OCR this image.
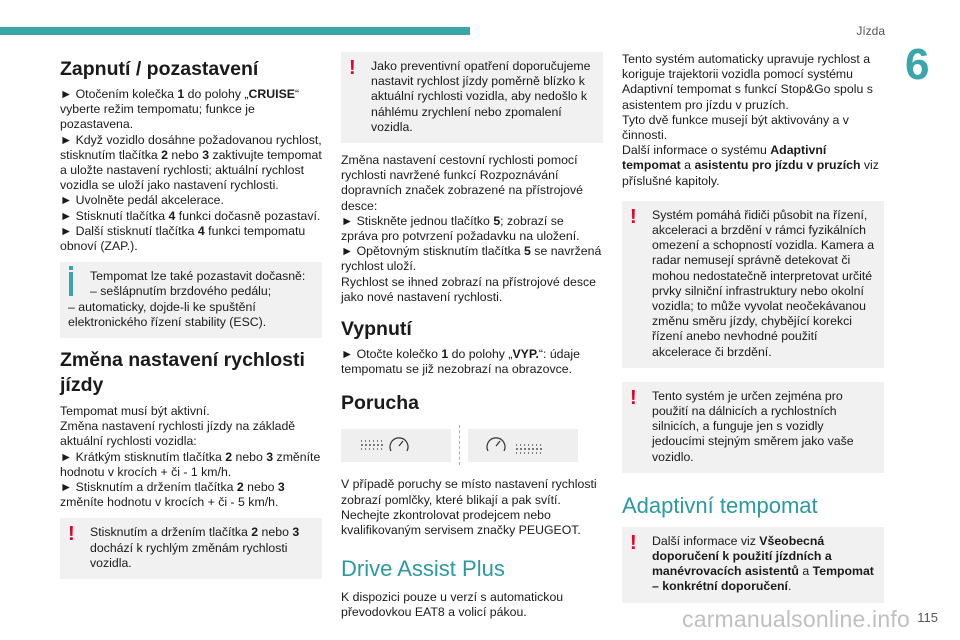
Jízda
6
Zapnutí / pozastavení

► Otočením kolečka 1 do polohy „CRUISE“ vyberte režim tempomatu; funkce je pozastavena.

► Když vozidlo dosáhne požadovanou rychlost, stisknutím tlačítka 2 nebo 3 zaktivujte tempomat a uložte nastavení rychlosti; aktuální rychlost vozidla se uloží jako nastavení rychlosti.

► Uvolněte pedál akcelerace.

► Stisknutí tlačítka 4 funkci dočasně pozastaví.

► Další stisknutí tlačítka 4 funkci tempomatu obnoví (ZAP.).

Tempomat lze také pozastavit dočasně:

– sešlápnutím brzdového pedálu;

– automaticky, dojde-li ke spuštění elektronického řízení stability (ESC).

Změna nastavení rychlosti jízdy

Tempomat musí být aktivní.

Změna nastavení rychlosti jízdy na základě aktuální rychlosti vozidla:

► Krátkým stisknutím tlačítka 2 nebo 3 změníte hodnotu v krocích + či - 1 km/h.

► Stisknutím a držením tlačítka 2 nebo 3 změníte hodnotu v krocích + či - 5 km/h.

!	Stisknutím a držením tlačítka 2 nebo 3 dochází k rychlým změnám rychlosti vozidla.

!	Jako preventivní opatření doporučujeme nastavit rychlost jízdy poměrně blízko k aktuální rychlosti vozidla, aby nedošlo k náhlému zrychlení nebo zpomalení vozidla.

Změna nastavení cestovní rychlosti pomocí rychlosti navržené funkcí Rozpoznávání dopravních značek zobrazené na přístrojové desce:

► Stiskněte jednou tlačítko 5; zobrazí se zpráva pro potvrzení požadavku na uložení.

► Opětovným stisknutím tlačítka 5 se navržená rychlost uloží.

Rychlost se ihned zobrazí na přístrojové desce jako nové nastavení rychlosti.

Vypnutí

► Otočte kolečko 1 do polohy „VYP.“: údaje tempomatu se již nezobrazí na obrazovce.

Porucha

V případě poruchy se místo nastavení rychlosti zobrazí pomlčky, které blikají a pak svítí.

Nechejte zkontrolovat prodejcem nebo kvalifikovaným servisem značky PEUGEOT.

Drive Assist Plus

K dispozici pouze u verzí s automatickou převodovkou EAT8 a volicí pákou.

Tento systém automaticky upravuje rychlost a koriguje trajektorii vozidla pomocí systému Adaptivní tempomat s funkcí Stop&Go spolu s asistentem pro jízdu v pruzích.

Tyto dvě funkce musejí být aktivovány a v činnosti.

Další informace o systému Adaptivní tempomat a asistentu pro jízdu v pruzích viz příslušné kapitoly.

!	Systém pomáhá řidiči působit na řízení, akceleraci a brzdění v rámci fyzikálních omezení a schopností vozidla. Kamera a radar nemusejí správně detekovat či mohou nedostatečně interpretovat určité prvky silniční infrastruktury nebo okolní vozidla; to může vyvolat neočekávanou změnu směru jízdy, chybějící korekci řízení anebo nevhodné použití akcelerace či brzdění.

!	Tento systém je určen zejména pro použití na dálnicích a rychlostních silnicích, a funguje jen s vozidly jedoucími stejným směrem jako vaše vozidlo.

Adaptivní tempomat
!	Další informace viz Všeobecná doporučení k použití jízdních a manévrovacích asistentů a Tempomat – konkrétní doporučení.

115
carmanualsonline.info
